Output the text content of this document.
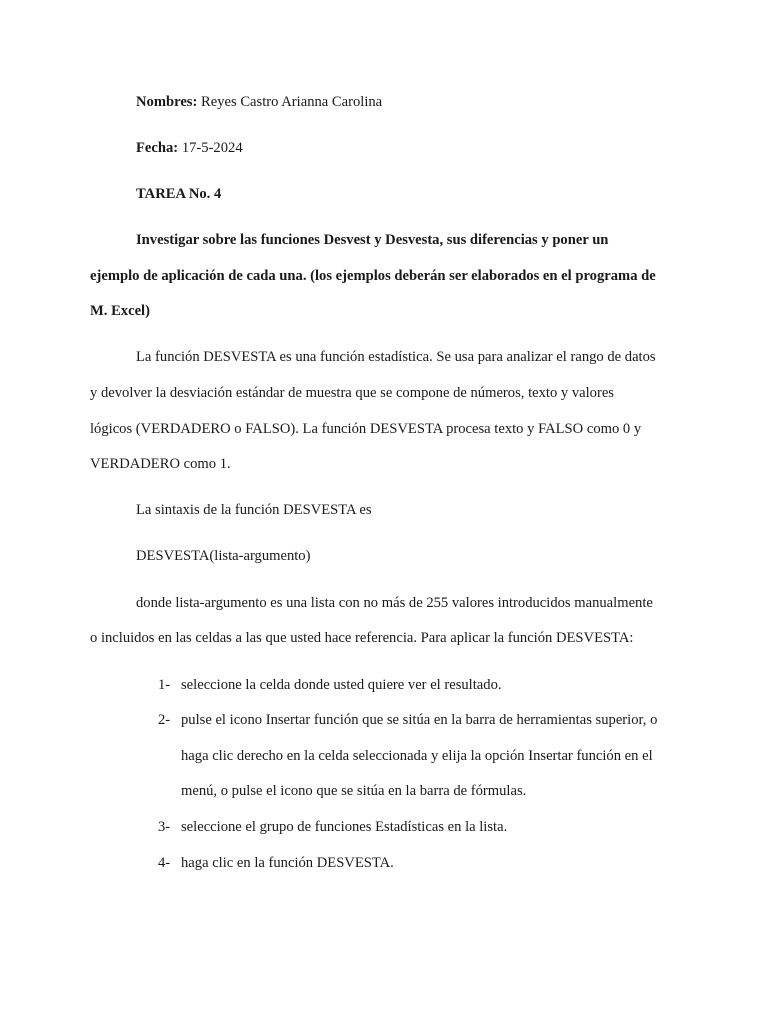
Nombres: Reyes Castro Arianna Carolina
Fecha: 17-5-2024
TAREA No. 4
Investigar sobre las funciones Desvest y Desvesta, sus diferencias y poner un
ejemplo de aplicación de cada una. (los ejemplos deberán ser elaborados en el programa de
M. Excel)
La función DESVESTA es una función estadística. Se usa para analizar el rango de datos
y devolver la desviación estándar de muestra que se compone de números, texto y valores
lógicos (VERDADERO o FALSO). La función DESVESTA procesa texto y FALSO como 0 y
VERDADERO como 1.
La sintaxis de la función DESVESTA es
DESVESTA(lista-argumento)
donde lista-argumento es una lista con no más de 255 valores introducidos manualmente
o incluidos en las celdas a las que usted hace referencia. Para aplicar la función DESVESTA:
1- seleccione la celda donde usted quiere ver el resultado.
2- pulse el icono Insertar función que se sitúa en la barra de herramientas superior, o
haga clic derecho en la celda seleccionada y elija la opción Insertar función en el
menú, o pulse el icono que se sitúa en la barra de fórmulas.
3- seleccione el grupo de funciones Estadísticas en la lista.
4- haga clic en la función DESVESTA.
